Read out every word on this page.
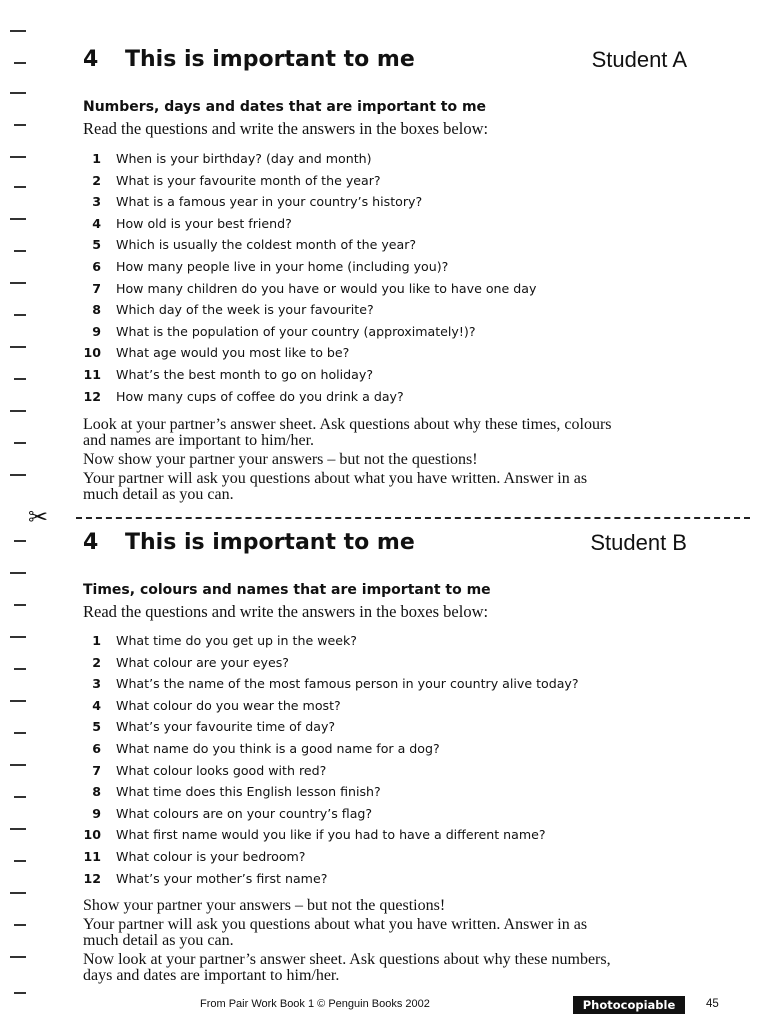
4 This is important to me	Student A
Numbers, days and dates that are important to me
Read the questions and write the answers in the boxes below:
1 When is your birthday? (day and month)
2 What is your favourite month of the year?
3 What is a famous year in your country’s history?
4 How old is your best friend?
5 Which is usually the coldest month of the year?
6 How many people live in your home (including you)?
7 How many children do you have or would you like to have one day
8 Which day of the week is your favourite?
9 What is the population of your country (approximately!)?
10 What age would you most like to be?
11 What’s the best month to go on holiday?
12 How many cups of coffee do you drink a day?
Look at your partner’s answer sheet. Ask questions about why these times, colours
and names are important to him/her.
Now show your partner your answers – but not the questions!
Your partner will ask you questions about what you have written. Answer in as
much detail as you can.
✂
4 This is important to me	Student B
Times, colours and names that are important to me
Read the questions and write the answers in the boxes below:
1 What time do you get up in the week?
2 What colour are your eyes?
3 What’s the name of the most famous person in your country alive today?
4 What colour do you wear the most?
5 What’s your favourite time of day?
6 What name do you think is a good name for a dog?
7 What colour looks good with red?
8 What time does this English lesson finish?
9 What colours are on your country’s flag?
10 What first name would you like if you had to have a different name?
11 What colour is your bedroom?
12 What’s your mother’s first name?
Show your partner your answers – but not the questions!
Your partner will ask you questions about what you have written. Answer in as
much detail as you can.
Now look at your partner’s answer sheet. Ask questions about why these numbers,
days and dates are important to him/her.
From Pair Work Book 1 © Penguin Books 2002	Photocopiable	45
